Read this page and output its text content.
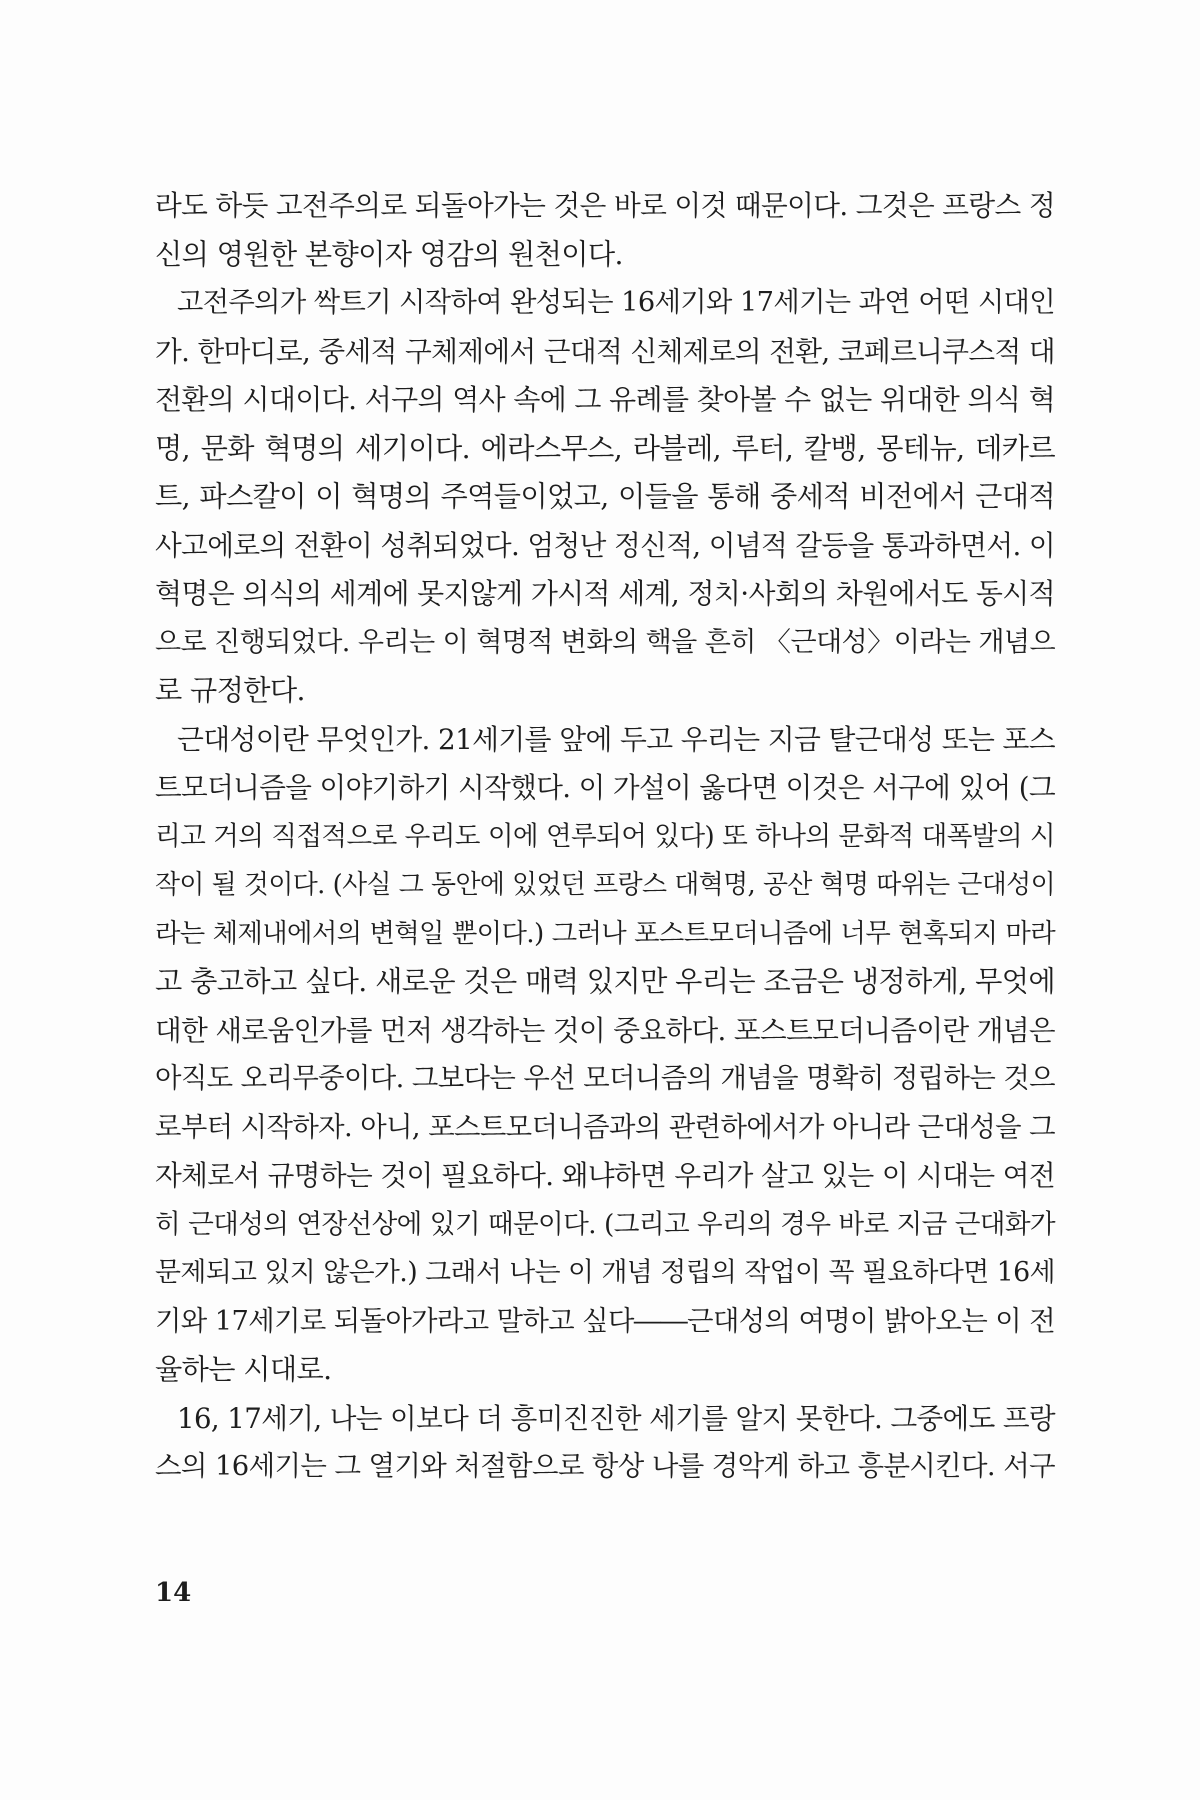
라도 하듯 고전주의로 되돌아가는 것은 바로 이것 때문이다. 그것은 프랑스 정
신의 영원한 본향이자 영감의 원천이다.
고전주의가 싹트기 시작하여 완성되는 16세기와 17세기는 과연 어떤 시대인
가. 한마디로, 중세적 구체제에서 근대적 신체제로의 전환, 코페르니쿠스적 대
전환의 시대이다. 서구의 역사 속에 그 유례를 찾아볼 수 없는 위대한 의식 혁
명, 문화 혁명의 세기이다. 에라스무스, 라블레, 루터, 칼뱅, 몽테뉴, 데카르
트, 파스칼이 이 혁명의 주역들이었고, 이들을 통해 중세적 비전에서 근대적
사고에로의 전환이 성취되었다. 엄청난 정신적, 이념적 갈등을 통과하면서. 이
혁명은 의식의 세계에 못지않게 가시적 세계, 정치·사회의 차원에서도 동시적
으로 진행되었다. 우리는 이 혁명적 변화의 핵을 흔히 〈근대성〉이라는 개념으
로 규정한다.
근대성이란 무엇인가. 21세기를 앞에 두고 우리는 지금 탈근대성 또는 포스
트모더니즘을 이야기하기 시작했다. 이 가설이 옳다면 이것은 서구에 있어 (그
리고 거의 직접적으로 우리도 이에 연루되어 있다) 또 하나의 문화적 대폭발의 시
작이 될 것이다. (사실 그 동안에 있었던 프랑스 대혁명, 공산 혁명 따위는 근대성이
라는 체제내에서의 변혁일 뿐이다.) 그러나 포스트모더니즘에 너무 현혹되지 마라
고 충고하고 싶다. 새로운 것은 매력 있지만 우리는 조금은 냉정하게, 무엇에
대한 새로움인가를 먼저 생각하는 것이 중요하다. 포스트모더니즘이란 개념은
아직도 오리무중이다. 그보다는 우선 모더니즘의 개념을 명확히 정립하는 것으
로부터 시작하자. 아니, 포스트모더니즘과의 관련하에서가 아니라 근대성을 그
자체로서 규명하는 것이 필요하다. 왜냐하면 우리가 살고 있는 이 시대는 여전
히 근대성의 연장선상에 있기 때문이다. (그리고 우리의 경우 바로 지금 근대화가
문제되고 있지 않은가.) 그래서 나는 이 개념 정립의 작업이 꼭 필요하다면 16세
기와 17세기로 되돌아가라고 말하고 싶다――근대성의 여명이 밝아오는 이 전
율하는 시대로.
16, 17세기, 나는 이보다 더 흥미진진한 세기를 알지 못한다. 그중에도 프랑
스의 16세기는 그 열기와 처절함으로 항상 나를 경악게 하고 흥분시킨다. 서구
14
